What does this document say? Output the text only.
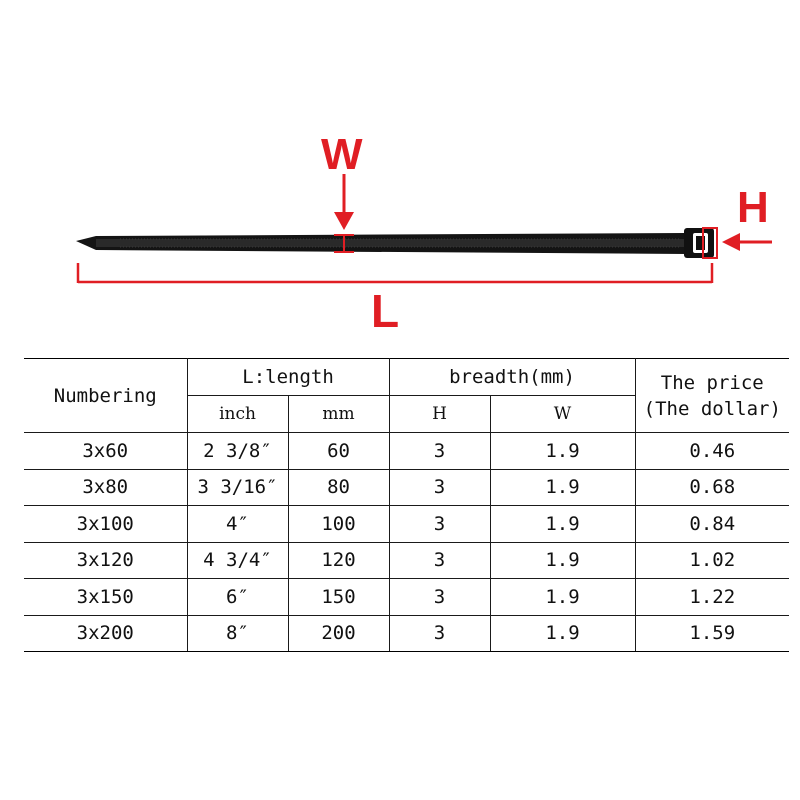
W
H
L
Numbering	L:length		breadth(mm)		The price
(The dollar)

	inch	mm	H	W	
3x60	2 3/8″	60	3	1.9	0.46
3x80	3 3/16″	80	3	1.9	0.68
3x100	4″	100	3	1.9	0.84
3x120	4 3/4″	120	3	1.9	1.02
3x150	6″	150	3	1.9	1.22
3x200	8″	200	3	1.9	1.59
